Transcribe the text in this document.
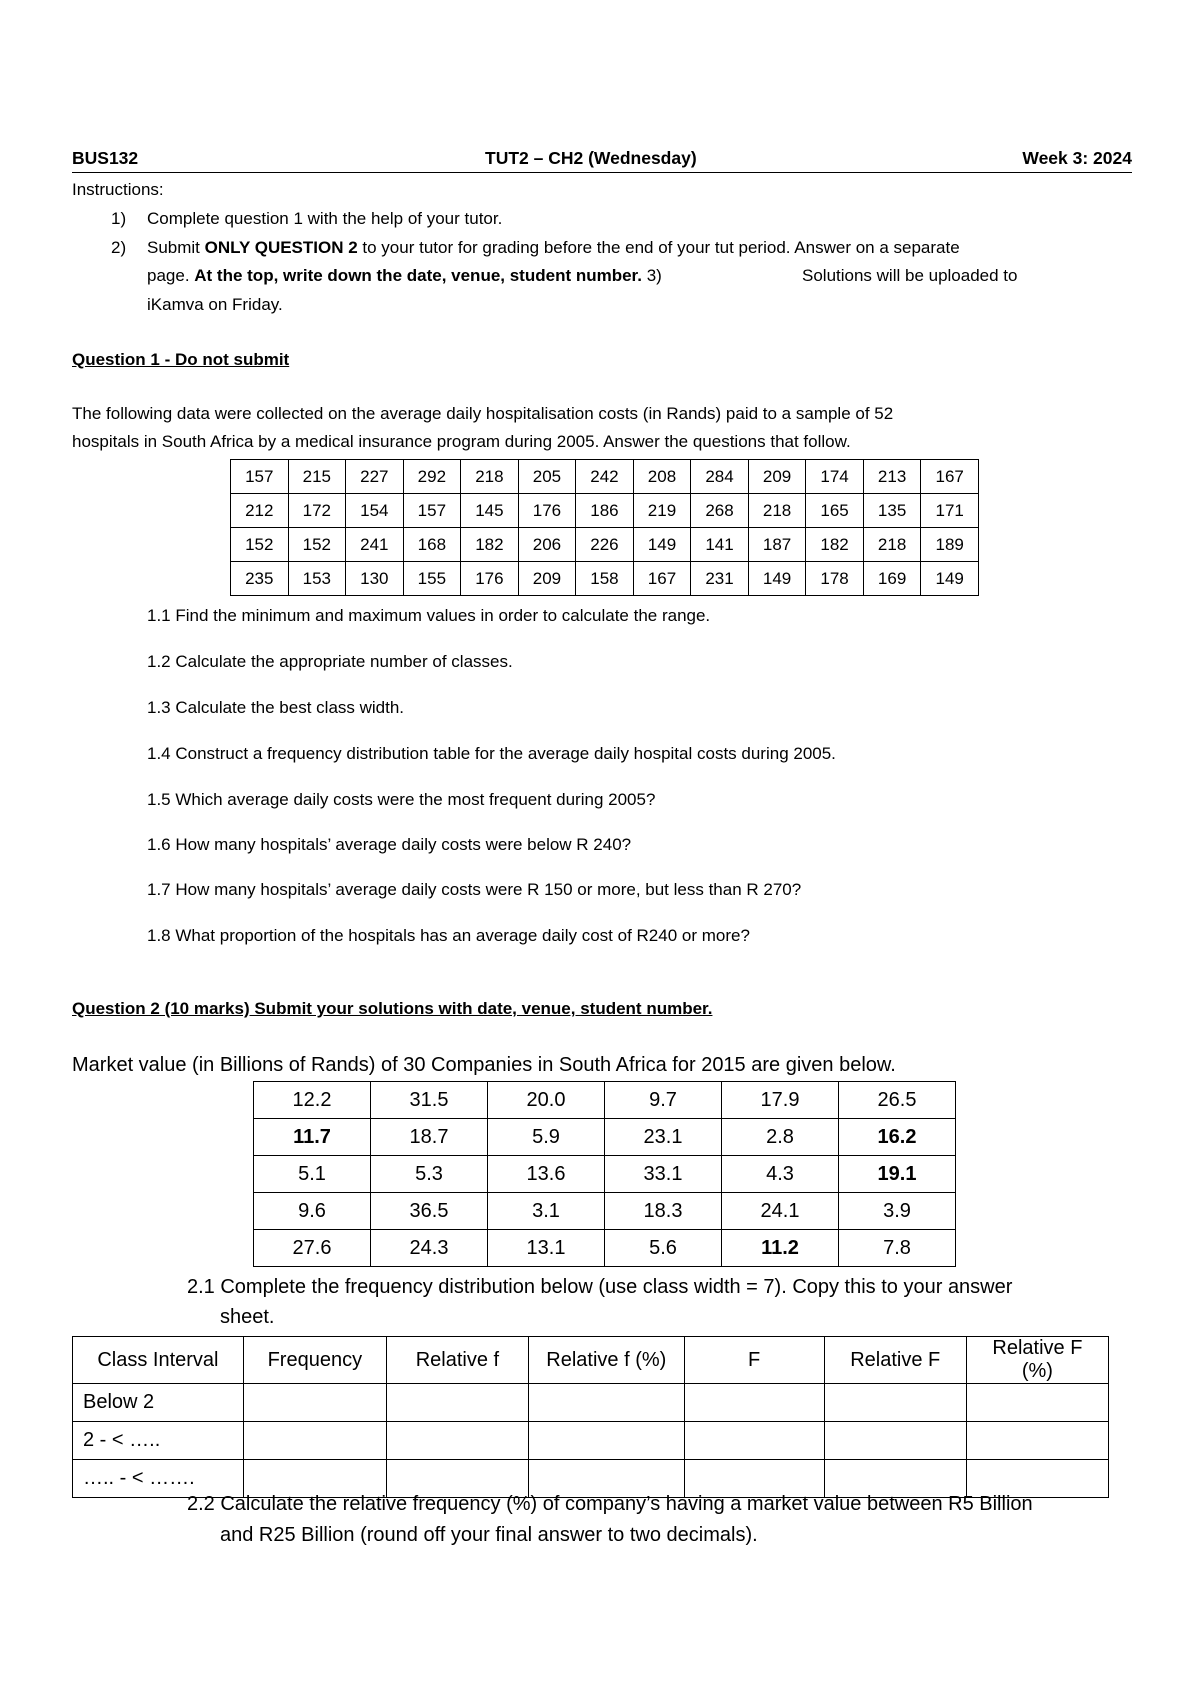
BUS132	TUT2 – CH2 (Wednesday)	Week 3: 2024
Instructions:
1) Complete question 1 with the help of your tutor.
2) Submit ONLY QUESTION 2 to your tutor for grading before the end of your tut period. Answer on a separate
page. At the top, write down the date, venue, student number. 3)	Solutions will be uploaded to
iKamva on Friday.
Question 1 - Do not submit
The following data were collected on the average daily hospitalisation costs (in Rands) paid to a sample of 52
hospitals in South Africa by a medical insurance program during 2005. Answer the questions that follow.
157	215	227	292	218	205	242	208	284	209	174	213	167
212	172	154	157	145	176	186	219	268	218	165	135	171
152	152	241	168	182	206	226	149	141	187	182	218	189
235	153	130	155	176	209	158	167	231	149	178	169	149
1.1 Find the minimum and maximum values in order to calculate the range.
1.2 Calculate the appropriate number of classes.
1.3 Calculate the best class width.
1.4 Construct a frequency distribution table for the average daily hospital costs during 2005.
1.5 Which average daily costs were the most frequent during 2005?
1.6 How many hospitals’ average daily costs were below R 240?
1.7 How many hospitals’ average daily costs were R 150 or more, but less than R 270?
1.8 What proportion of the hospitals has an average daily cost of R240 or more?
Question 2 (10 marks) Submit your solutions with date, venue, student number.
Market value (in Billions of Rands) of 30 Companies in South Africa for 2015 are given below.
12.2	31.5	20.0	9.7	17.9	26.5
11.7	18.7	5.9	23.1	2.8	16.2
5.1	5.3	13.6	33.1	4.3	19.1
9.6	36.5	3.1	18.3	24.1	3.9
27.6	24.3	13.1	5.6	11.2	7.8
2.1 Complete the frequency distribution below (use class width = 7). Copy this to your answer
sheet.
Class Interval	Frequency	Relative f	Relative f (%)	F	Relative F	Relative F (%)
Below 2						
2 - < …..						
….. - < …….						
2.2 Calculate the relative frequency (%) of company’s having a market value between R5 Billion
and R25 Billion (round off your final answer to two decimals).
